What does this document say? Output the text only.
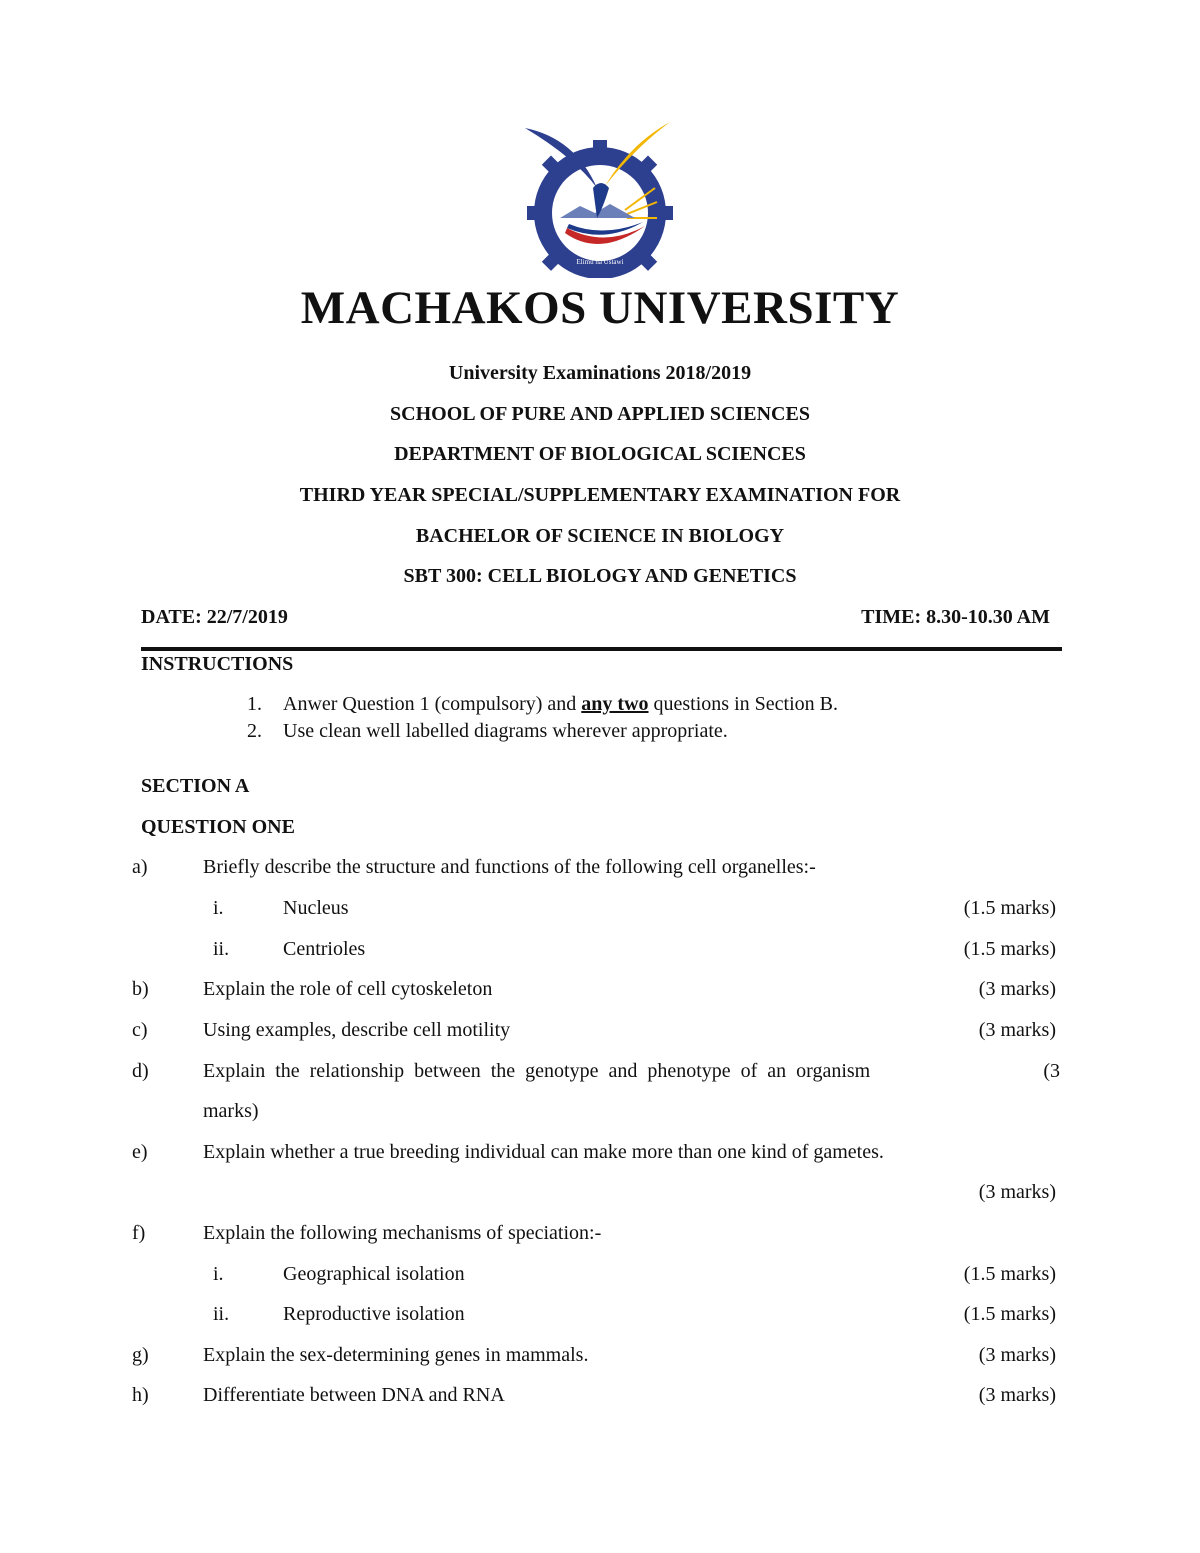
Elimu na Ustawi
MACHAKOS UNIVERSITY
University Examinations 2018/2019
SCHOOL OF PURE AND APPLIED SCIENCES
DEPARTMENT OF BIOLOGICAL SCIENCES
THIRD YEAR SPECIAL/SUPPLEMENTARY EXAMINATION FOR
BACHELOR OF SCIENCE IN BIOLOGY
SBT 300: CELL BIOLOGY AND GENETICS
DATE: 22/7/2019	TIME: 8.30-10.30 AM
INSTRUCTIONS
1. Anwer Question 1 (compulsory) and any two questions in Section B.
2. Use clean well labelled diagrams wherever appropriate.
SECTION A
QUESTION ONE
a)	Briefly describe the structure and functions of the following cell organelles:-
i.	Nucleus	(1.5 marks)
ii.	Centrioles	(1.5 marks)
b)	Explain the role of cell cytoskeleton	(3 marks)
c)	Using examples, describe cell motility	(3 marks)
d)	Explain  the  relationship  between  the  genotype  and  phenotype  of  an  organism	(3
marks)
e)	Explain whether a true breeding individual can make more than one kind of gametes.
(3 marks)
f)	Explain the following mechanisms of speciation:-
i.	Geographical isolation	(1.5 marks)
ii.	Reproductive isolation	(1.5 marks)
g)	Explain the sex-determining genes in mammals.	(3 marks)
h)	Differentiate between DNA and RNA	(3 marks)
